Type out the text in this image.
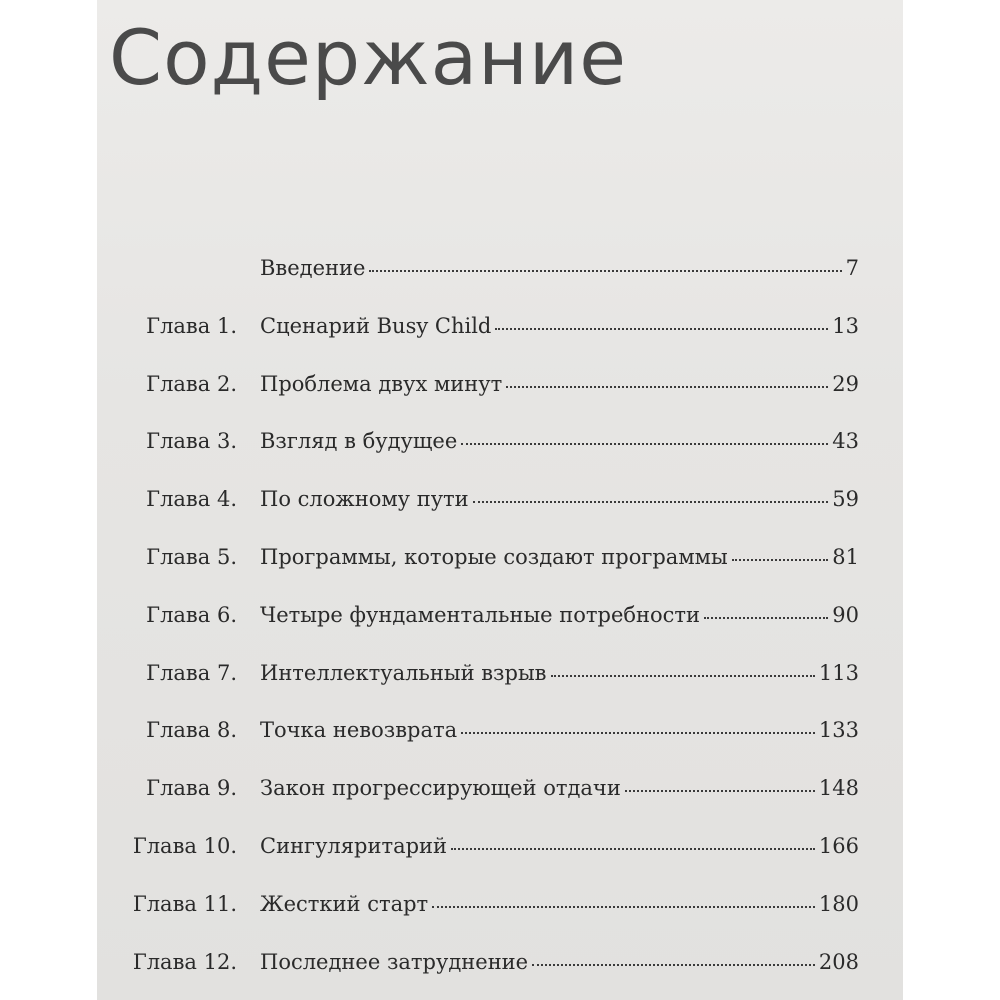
Содержание
Введение	7
Глава 1. Сценарий Busy Child	13
Глава 2. Проблема двух минут	29
Глава 3. Взгляд в будущее	43
Глава 4. По сложному пути	59
Глава 5. Программы, которые создают программы	81
Глава 6. Четыре фундаментальные потребности	90
Глава 7. Интеллектуальный взрыв	113
Глава 8. Точка невозврата	133
Глава 9. Закон прогрессирующей отдачи	148
Глава 10. Сингуляритарий	166
Глава 11. Жесткий старт	180
Глава 12. Последнее затруднение	208
